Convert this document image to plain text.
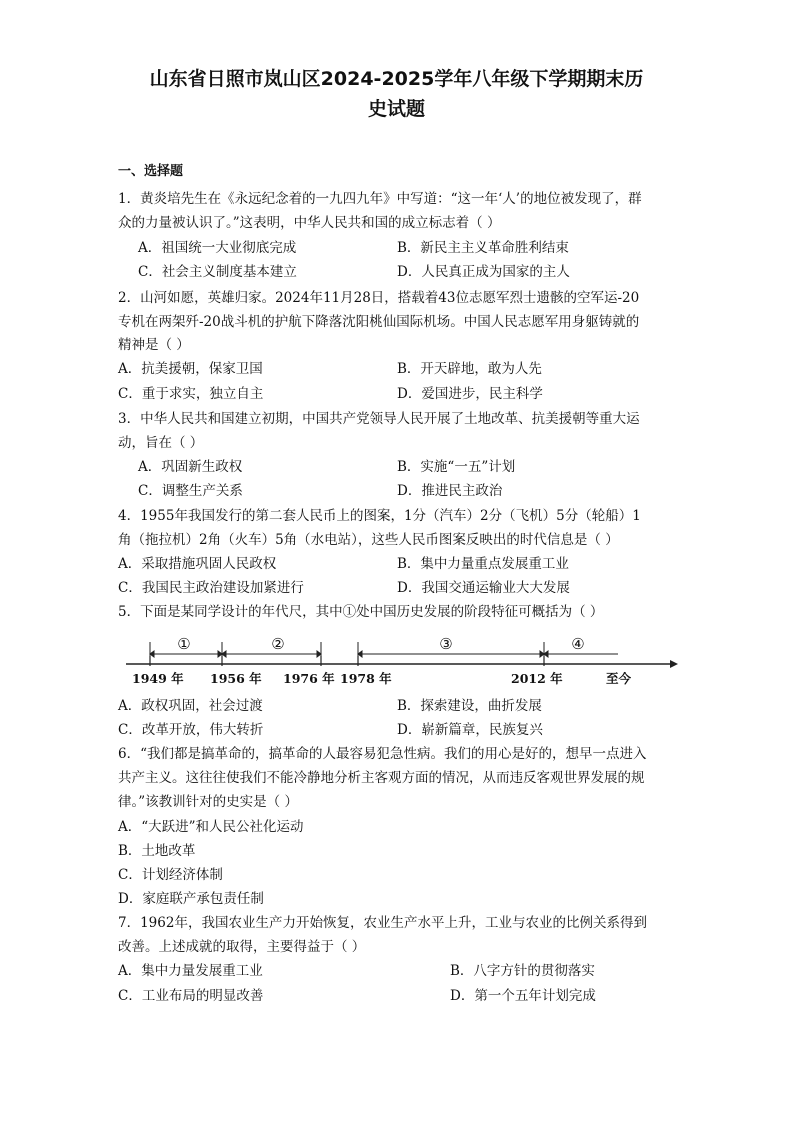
山东省日照市岚山区2024-2025学年八年级下学期期末历
史试题
一、选择题
1．黄炎培先生在《永远纪念着的一九四九年》中写道：“这一年‘人’的地位被发现了，群
众的力量被认识了。”这表明，中华人民共和国的成立标志着（ ）
A．祖国统一大业彻底完成	B．新民主主义革命胜利结束
C．社会主义制度基本建立	D．人民真正成为国家的主人
2．山河如愿，英雄归家。2024年11月28日，搭载着43位志愿军烈士遗骸的空军运-20
专机在两架歼-20战斗机的护航下降落沈阳桃仙国际机场。中国人民志愿军用身躯铸就的
精神是（ ）
A．抗美援朝，保家卫国	B．开天辟地，敢为人先
C．重于求实，独立自主	D．爱国进步，民主科学
3．中华人民共和国建立初期，中国共产党领导人民开展了土地改革、抗美援朝等重大运
动，旨在（ ）
A．巩固新生政权	B．实施“一五”计划
C．调整生产关系	D．推进民主政治
4．1955年我国发行的第二套人民币上的图案，1分（汽车）2分（飞机）5分（轮船）1
角（拖拉机）2角（火车）5角（水电站），这些人民币图案反映出的时代信息是（ ）
A．采取措施巩固人民政权	B．集中力量重点发展重工业
C．我国民主政治建设加紧进行	D．我国交通运输业大大发展
5．下面是某同学设计的年代尺，其中①处中国历史发展的阶段特征可概括为（ ）
①	②	③	④
1949 年 1956 年 1976 年 1978 年	2012 年	至今
A．政权巩固，社会过渡	B．探索建设，曲折发展
C．改革开放，伟大转折	D．崭新篇章，民族复兴
6．“我们都是搞革命的，搞革命的人最容易犯急性病。我们的用心是好的，想早一点进入
共产主义。这往往使我们不能冷静地分析主客观方面的情况，从而违反客观世界发展的规
律。”该教训针对的史实是（ ）
A．“大跃进”和人民公社化运动
B．土地改革
C．计划经济体制
D．家庭联产承包责任制
7．1962年，我国农业生产力开始恢复，农业生产水平上升，工业与农业的比例关系得到
改善。上述成就的取得，主要得益于（ ）
A．集中力量发展重工业	B．八字方针的贯彻落实
C．工业布局的明显改善	D．第一个五年计划完成
